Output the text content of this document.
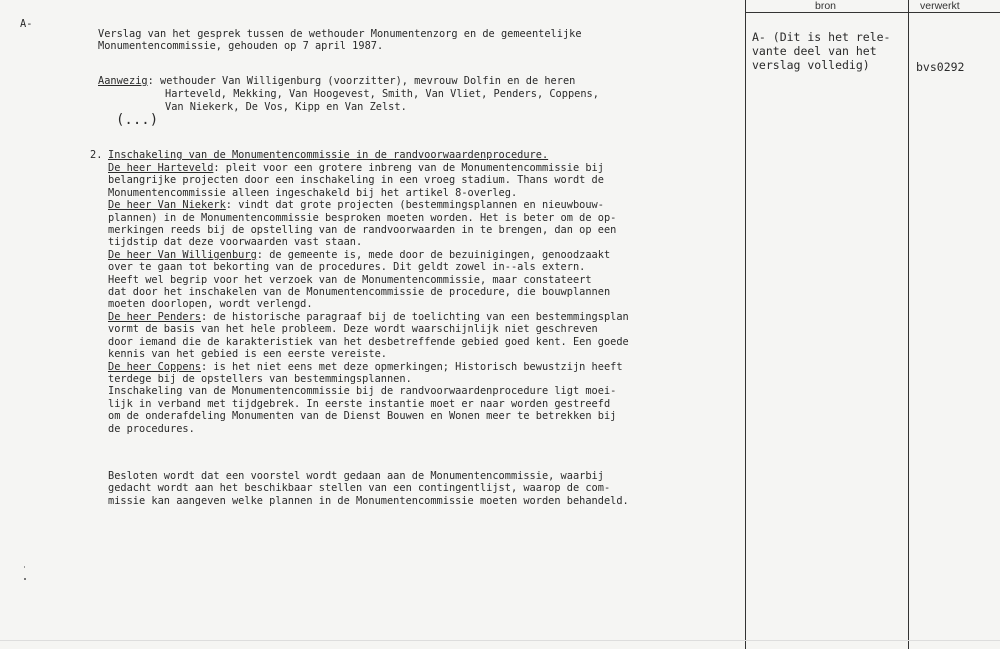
bron	verwerkt
A- (Dit is het rele-
vante deel van het
verslag volledig)	bvs0292
A-
Verslag van het gesprek tussen de wethouder Monumentenzorg en de gemeentelijke
Monumentencommissie, gehouden op 7 april 1987.
Aanwezig: wethouder Van Willigenburg (voorzitter), mevrouw Dolfin en de heren
Harteveld, Mekking, Van Hoogevest, Smith, Van Vliet, Penders, Coppens,
Van Niekerk, De Vos, Kipp en Van Zelst.
(...)
2. Inschakeling van de Monumentencommissie in de randvoorwaardenprocedure.
De heer Harteveld: pleit voor een grotere inbreng van de Monumentencommissie bij
belangrijke projecten door een inschakeling in een vroeg stadium. Thans wordt de
Monumentencommissie alleen ingeschakeld bij het artikel 8-overleg.
De heer Van Niekerk: vindt dat grote projecten (bestemmingsplannen en nieuwbouw-
plannen) in de Monumentencommissie besproken moeten worden. Het is beter om de op-
merkingen reeds bij de opstelling van de randvoorwaarden in te brengen, dan op een
tijdstip dat deze voorwaarden vast staan.
De heer Van Willigenburg: de gemeente is, mede door de bezuinigingen, genoodzaakt
over te gaan tot bekorting van de procedures. Dit geldt zowel in--als extern.
Heeft wel begrip voor het verzoek van de Monumentencommissie, maar constateert
dat door het inschakelen van de Monumentencommissie de procedure, die bouwplannen
moeten doorlopen, wordt verlengd.
De heer Penders: de historische paragraaf bij de toelichting van een bestemmingsplan
vormt de basis van het hele probleem. Deze wordt waarschijnlijk niet geschreven
door iemand die de karakteristiek van het desbetreffende gebied goed kent. Een goede
kennis van het gebied is een eerste vereiste.
De heer Coppens: is het niet eens met deze opmerkingen; Historisch bewustzijn heeft
terdege bij de opstellers van bestemmingsplannen.
Inschakeling van de Monumentencommissie bij de randvoorwaardenprocedure ligt moei-
lijk in verband met tijdgebrek. In eerste instantie moet er naar worden gestreefd
om de onderafdeling Monumenten van de Dienst Bouwen en Wonen meer te betrekken bij
de procedures.
Besloten wordt dat een voorstel wordt gedaan aan de Monumentencommissie, waarbij
gedacht wordt aan het beschikbaar stellen van een contingentlijst, waarop de com-
missie kan aangeven welke plannen in de Monumentencommissie moeten worden behandeld.
